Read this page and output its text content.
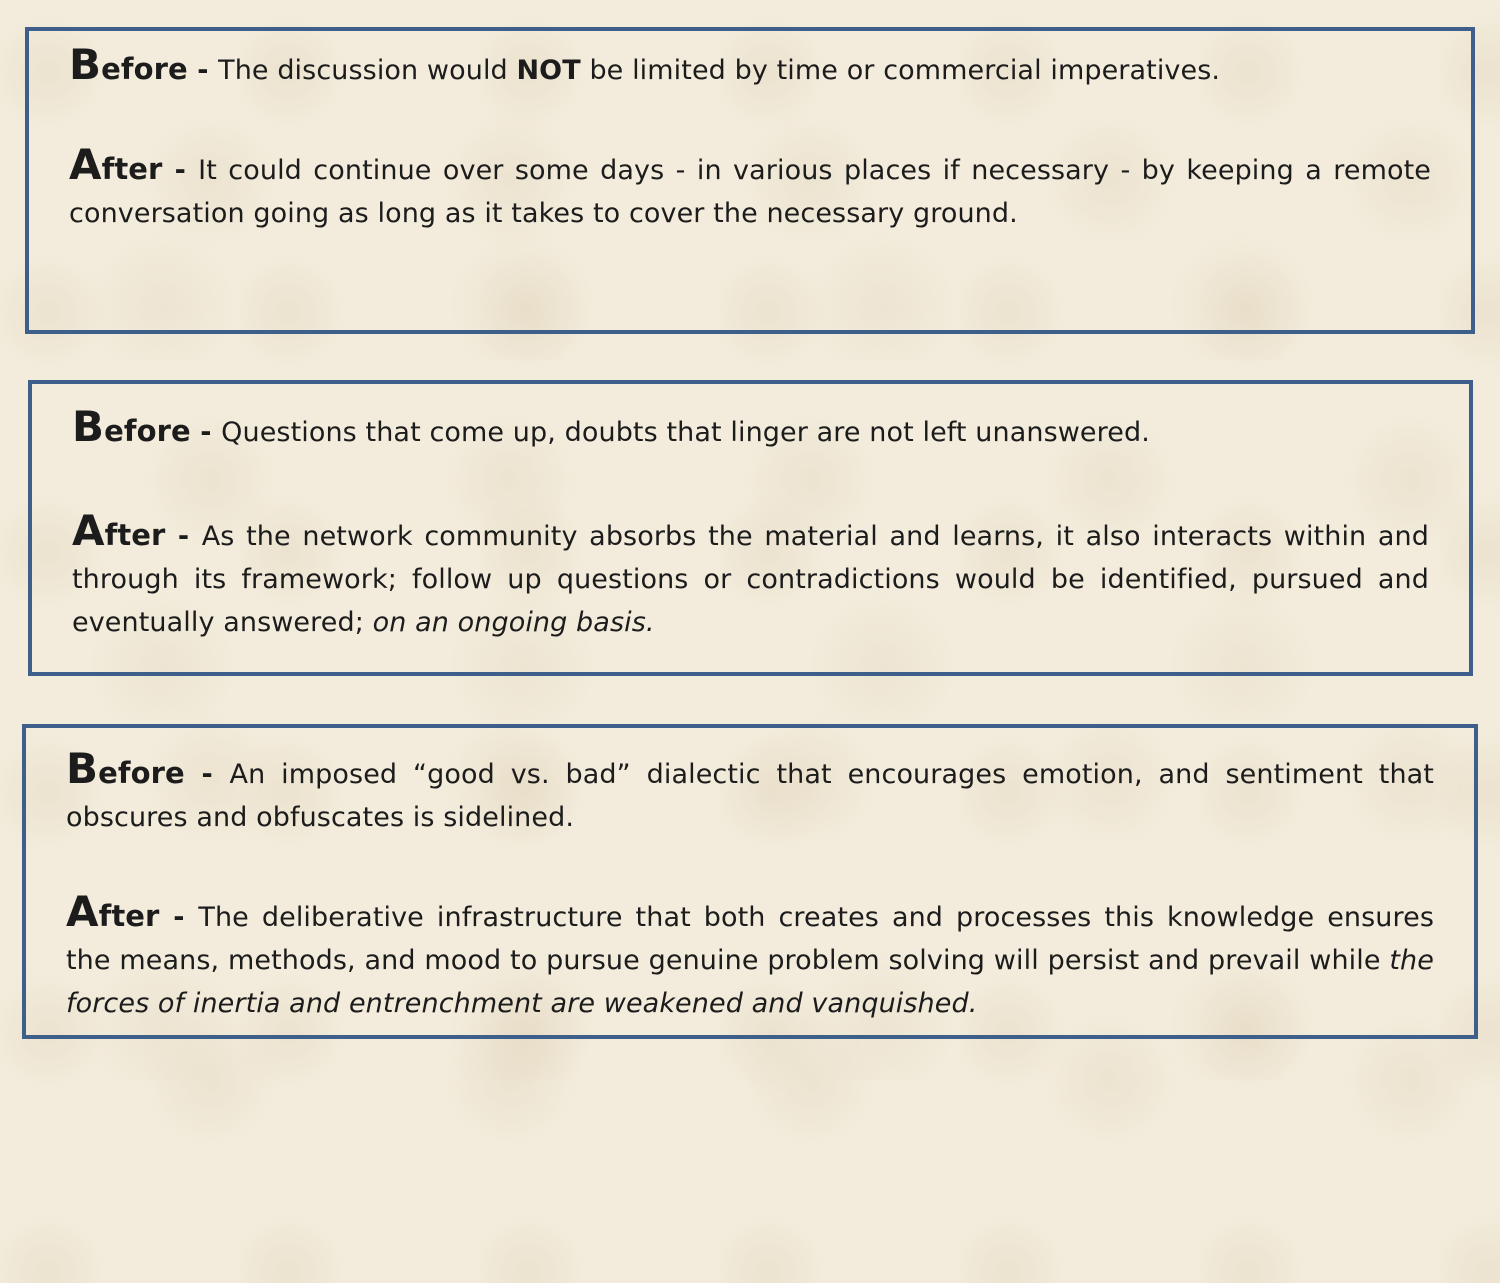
Before - The discussion would NOT be limited by time or commercial imperatives.

After - It could continue over some days - in various places if necessary - by keeping a remote conversation going as long as it takes to cover the necessary ground.

Before - Questions that come up, doubts that linger are not left unanswered.

After - As the network community absorbs the material and learns, it also interacts within and through its framework; follow up questions or contradictions would be identified, pursued and eventually answered; on an ongoing basis.

Before - An imposed “good vs. bad” dialectic that encourages emotion, and sentiment that obscures and obfuscates is sidelined.

After - The deliberative infrastructure that both creates and processes this knowledge ensures the means, methods, and mood to pursue genuine problem solving will persist and prevail while the forces of inertia and entrenchment are weakened and vanquished.
